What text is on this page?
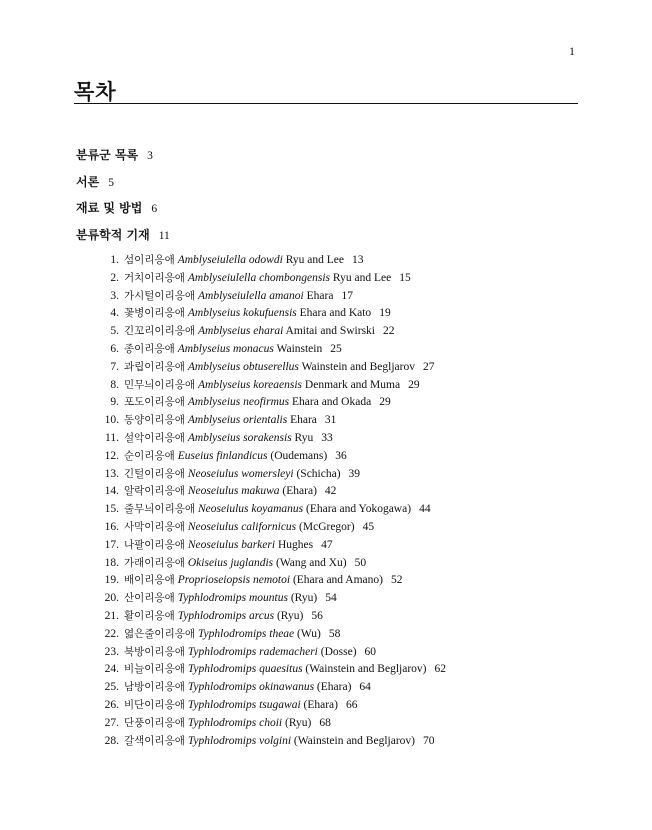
1
목차
분류군 목록 3
서론 5
재료 및 방법 6
분류학적 기재 11
1. 섬이리응애 Amblyseiulella odowdi Ryu and Lee 13
2. 거치이리응애 Amblyseiulella chombongensis Ryu and Lee 15
3. 가시털이리응애 Amblyseiulella amanoi Ehara 17
4. 꽃병이리응애 Amblyseius kokufuensis Ehara and Kato 19
5. 긴꼬리이리응애 Amblyseius eharai Amitai and Swirski 22
6. 종이리응애 Amblyseius monacus Wainstein 25
7. 과립이리응애 Amblyseius obtuserellus Wainstein and Begljarov 27
8. 민무늬이리응애 Amblyseius koreaensis Denmark and Muma 29
9. 포도이리응애 Amblyseius neofirmus Ehara and Okada 29
10. 동양이리응애 Amblyseius orientalis Ehara 31
11. 설악이리응애 Amblyseius sorakensis Ryu 33
12. 순이리응애 Euseius finlandicus (Oudemans) 36
13. 긴털이리응애 Neoseiulus womersleyi (Schicha) 39
14. 알락이리응애 Neoseiulus makuwa (Ehara) 42
15. 줄무늬이리응애 Neoseiulus koyamanus (Ehara and Yokogawa) 44
16. 사막이리응애 Neoseiulus californicus (McGregor) 45
17. 나팔이리응애 Neoseiulus barkeri Hughes 47
18. 가래이리응애 Okiseius juglandis (Wang and Xu) 50
19. 배이리응애 Proprioseiopsis nemotoi (Ehara and Amano) 52
20. 산이리응애 Typhlodromips mountus (Ryu) 54
21. 활이리응애 Typhlodromips arcus (Ryu) 56
22. 엷은줄이리응애 Typhlodromips theae (Wu) 58
23. 북방이리응애 Typhlodromips rademacheri (Dosse) 60
24. 비늘이리응애 Typhlodromips quaesitus (Wainstein and Begljarov) 62
25. 남방이리응애 Typhlodromips okinawanus (Ehara) 64
26. 비단이리응애 Typhlodromips tsugawai (Ehara) 66
27. 단풍이리응애 Typhlodromips choii (Ryu) 68
28. 갈색이리응애 Typhlodromips volgini (Wainstein and Begljarov) 70
